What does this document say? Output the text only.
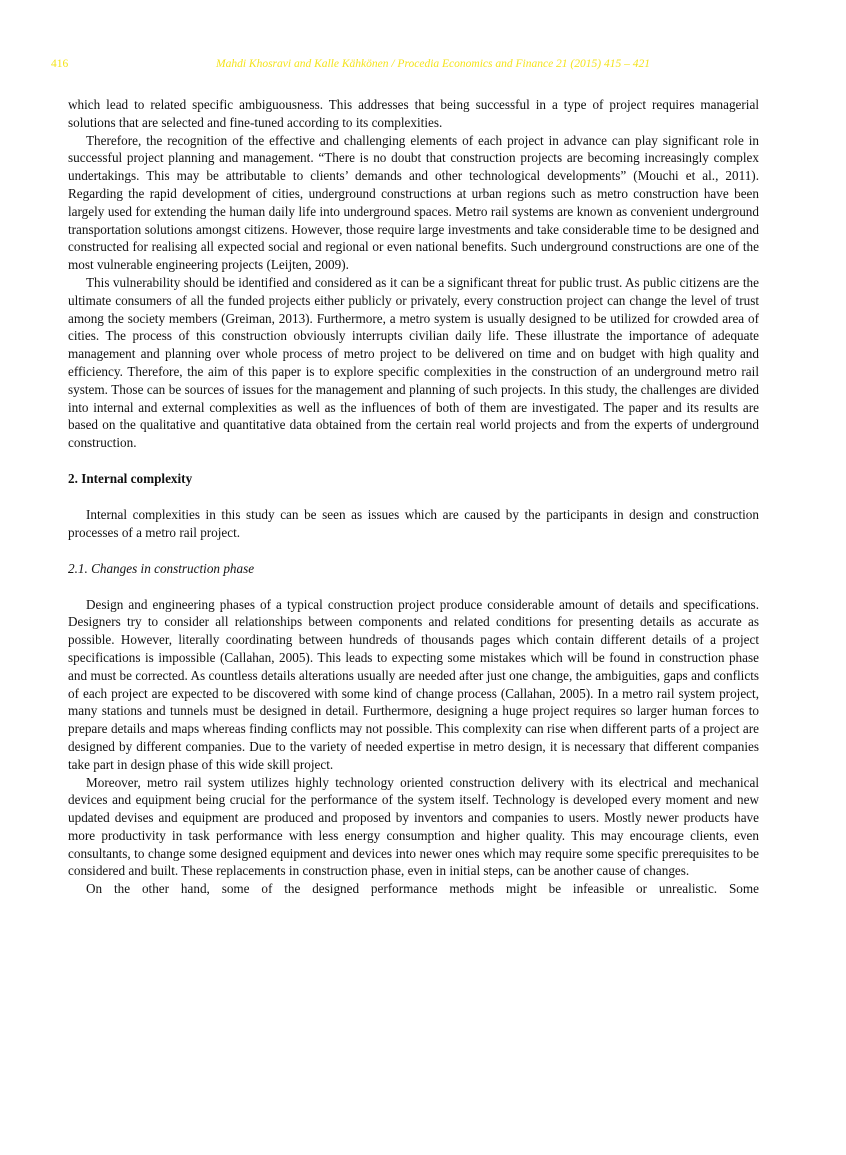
416	Mahdi Khosravi and Kalle Kähkönen / Procedia Economics and Finance 21 (2015) 415 – 421

which lead to related specific ambiguousness. This addresses that being successful in a type of project requires managerial solutions that are selected and fine-tuned according to its complexities.

Therefore, the recognition of the effective and challenging elements of each project in advance can play significant role in successful project planning and management. “There is no doubt that construction projects are becoming increasingly complex undertakings. This may be attributable to clients’ demands and other technological developments” (Mouchi et al., 2011). Regarding the rapid development of cities, underground constructions at urban regions such as metro construction have been largely used for extending the human daily life into underground spaces. Metro rail systems are known as convenient underground transportation solutions amongst citizens. However, those require large investments and take considerable time to be designed and constructed for realising all expected social and regional or even national benefits. Such underground constructions are one of the most vulnerable engineering projects (Leijten, 2009).

This vulnerability should be identified and considered as it can be a significant threat for public trust. As public citizens are the ultimate consumers of all the funded projects either publicly or privately, every construction project can change the level of trust among the society members (Greiman, 2013). Furthermore, a metro system is usually designed to be utilized for crowded area of cities. The process of this construction obviously interrupts civilian daily life. These illustrate the importance of adequate management and planning over whole process of metro project to be delivered on time and on budget with high quality and efficiency. Therefore, the aim of this paper is to explore specific complexities in the construction of an underground metro rail system. Those can be sources of issues for the management and planning of such projects. In this study, the challenges are divided into internal and external complexities as well as the influences of both of them are investigated. The paper and its results are based on the qualitative and quantitative data obtained from the certain real world projects and from the experts of underground construction.

2. Internal complexity

Internal complexities in this study can be seen as issues which are caused by the participants in design and construction processes of a metro rail project.

2.1. Changes in construction phase

Design and engineering phases of a typical construction project produce considerable amount of details and specifications. Designers try to consider all relationships between components and related conditions for presenting details as accurate as possible. However, literally coordinating between hundreds of thousands pages which contain different details of a project specifications is impossible (Callahan, 2005). This leads to expecting some mistakes which will be found in construction phase and must be corrected. As countless details alterations usually are needed after just one change, the ambiguities, gaps and conflicts of each project are expected to be discovered with some kind of change process (Callahan, 2005). In a metro rail system project, many stations and tunnels must be designed in detail. Furthermore, designing a huge project requires so larger human forces to prepare details and maps whereas finding conflicts may not possible. This complexity can rise when different parts of a project are designed by different companies. Due to the variety of needed expertise in metro design, it is necessary that different companies take part in design phase of this wide skill project.

Moreover, metro rail system utilizes highly technology oriented construction delivery with its electrical and mechanical devices and equipment being crucial for the performance of the system itself. Technology is developed every moment and new updated devises and equipment are produced and proposed by inventors and companies to users. Mostly newer products have more productivity in task performance with less energy consumption and higher quality. This may encourage clients, even consultants, to change some designed equipment and devices into newer ones which may require some specific prerequisites to be considered and built. These replacements in construction phase, even in initial steps, can be another cause of changes.

On the other hand, some of the designed performance methods might be infeasible or unrealistic. Some
